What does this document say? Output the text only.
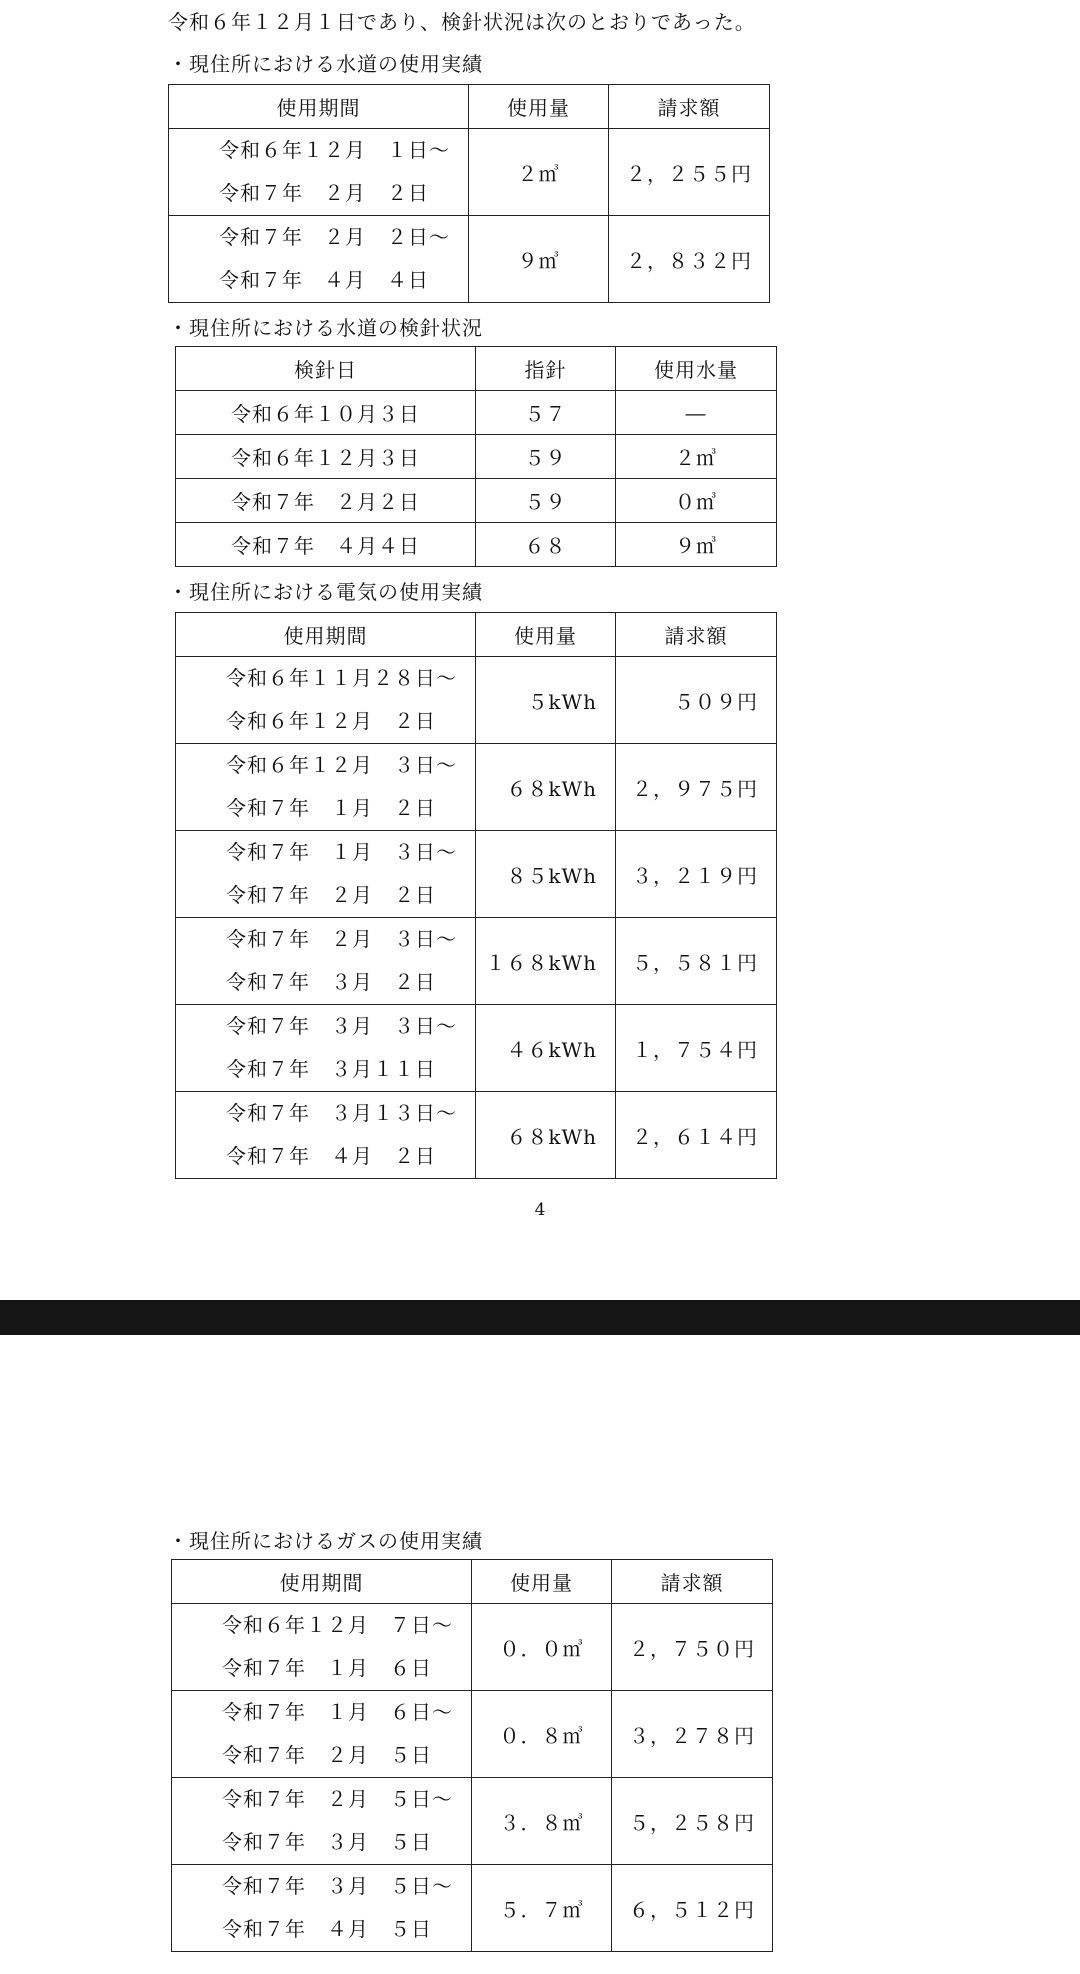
令和６年１２月１日であり、検針状況は次のとおりであった。
・現住所における水道の使用実績
使用期間	使用量	請求額

令和６年１２月　１日～
令和７年　２月　２日	２㎥	２，２５５円

令和７年　２月　２日～
令和７年　４月　４日	９㎥	２，８３２円
・現住所における水道の検針状況
検針日	指針	使用水量
令和６年１０月３日	５７	―
令和６年１２月３日	５９	２㎥
令和７年　２月２日	５９	０㎥
令和７年　４月４日	６８	９㎥
・現住所における電気の使用実績
使用期間	使用量	請求額

令和６年１１月２８日～
令和６年１２月　２日	５kWh	５０９円

令和６年１２月　３日～
令和７年　１月　２日	６８kWh	２，９７５円

令和７年　１月　３日～
令和７年　２月　２日	８５kWh	３，２１９円

令和７年　２月　３日～
令和７年　３月　２日	１６８kWh	５，５８１円

令和７年　３月　３日～
令和７年　３月１１日	４６kWh	１，７５４円

令和７年　３月１３日～
令和７年　４月　２日	６８kWh	２，６１４円
4
・現住所におけるガスの使用実績
使用期間	使用量	請求額

令和６年１２月　７日～
令和７年　１月　６日	０．０㎥	２，７５０円

令和７年　１月　６日～
令和７年　２月　５日	０．８㎥	３，２７８円

令和７年　２月　５日～
令和７年　３月　５日	３．８㎥	５，２５８円

令和７年　３月　５日～
令和７年　４月　５日	５．７㎥	６，５１２円
